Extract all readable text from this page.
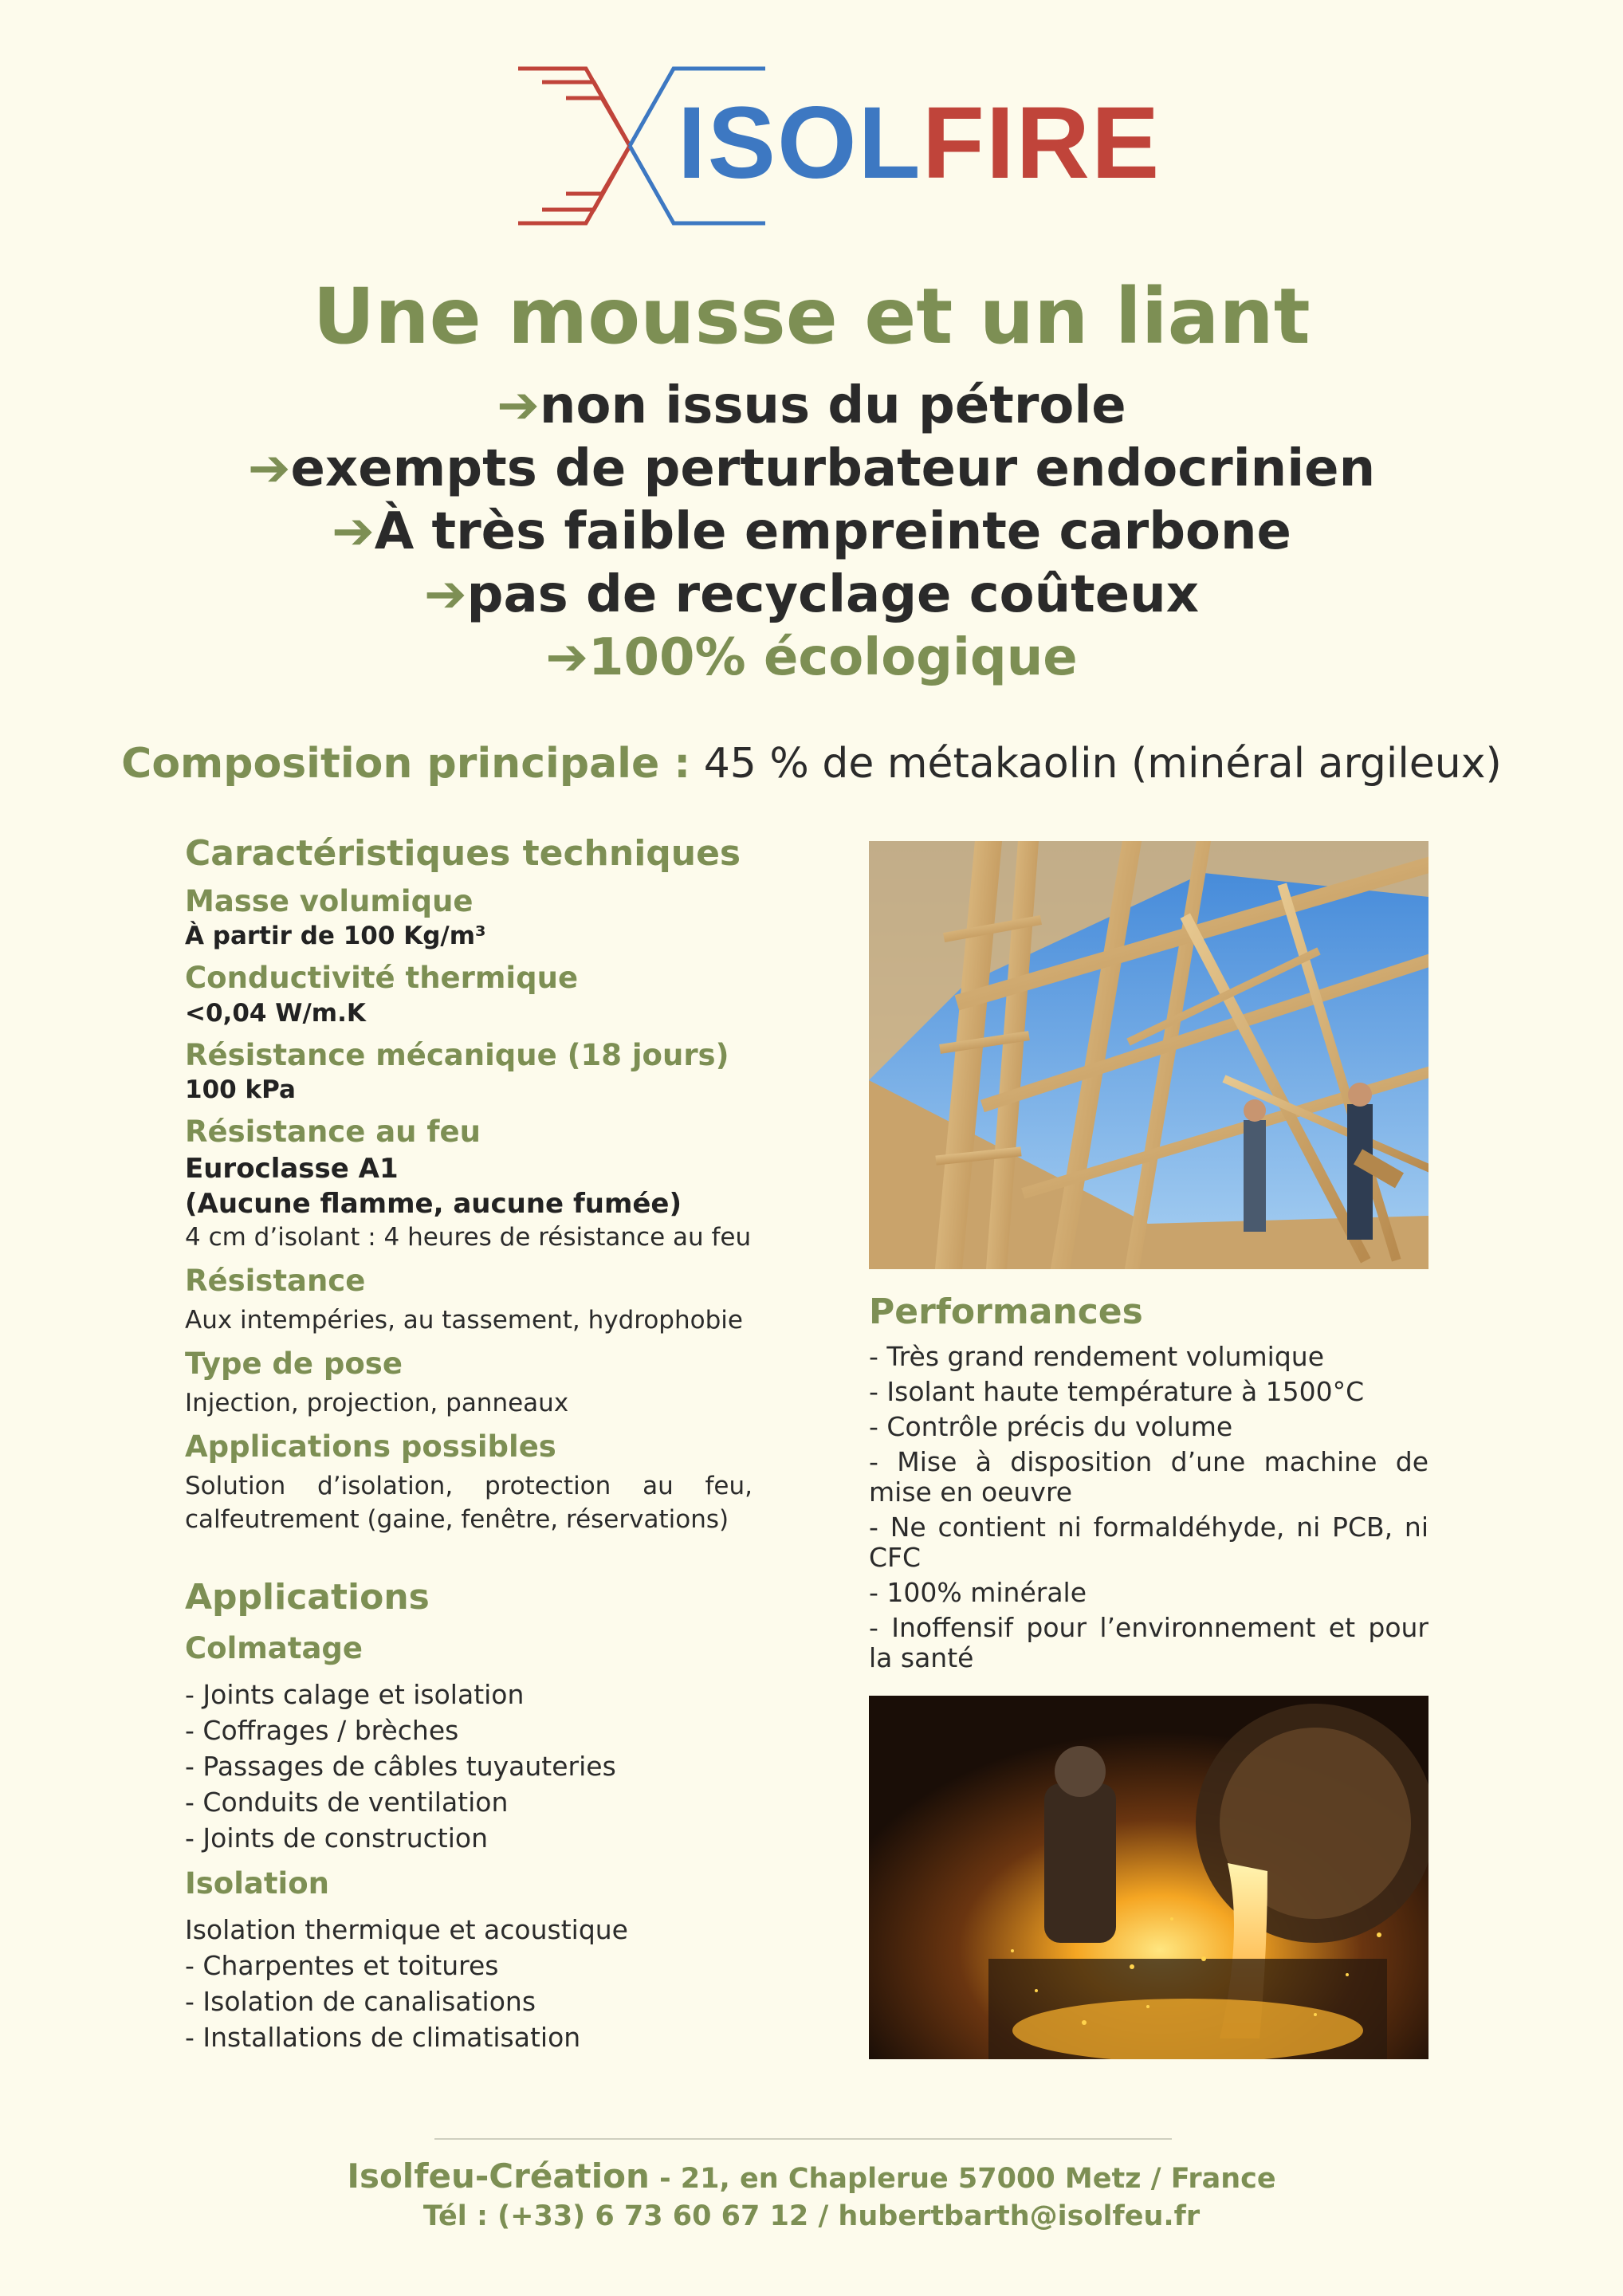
ISOLFIRE
Une mousse et un liant
➔non issus du pétrole
➔exempts de perturbateur endocrinien
➔À très faible empreinte carbone
➔pas de recyclage coûteux
➔100% écologique
Composition principale : 45 % de métakaolin (minéral argileux)
Caractéristiques techniques
Masse volumique
À partir de 100 Kg/m³
Conductivité thermique
<0,04 W/m.K
Résistance mécanique (18 jours)
100 kPa
Résistance au feu
Euroclasse A1
(Aucune flamme, aucune fumée)
4 cm d’isolant : 4 heures de résistance au feu
Résistance
Aux intempéries, au tassement, hydrophobie
Type de pose
Injection, projection, panneaux
Applications possibles
Solution d’isolation, protection au feu, calfeutrement (gaine, fenêtre, réservations)
Applications
Colmatage
- Joints calage et isolation
- Coffrages / brèches
- Passages de câbles tuyauteries
- Conduits de ventilation
- Joints de construction
Isolation
Isolation thermique et acoustique
- Charpentes et toitures
- Isolation de canalisations
- Installations de climatisation
Performances
- Très grand rendement volumique
- Isolant haute température à 1500°C
- Contrôle précis du volume
- Mise à disposition d’une machine de mise en oeuvre
- Ne contient ni formaldéhyde, ni PCB, ni CFC
- 100% minérale
- Inoffensif pour l’environnement et pour la santé
Isolfeu-Création - 21, en Chaplerue 57000 Metz / France
Tél : (+33) 6 73 60 67 12 / hubertbarth@isolfeu.fr
